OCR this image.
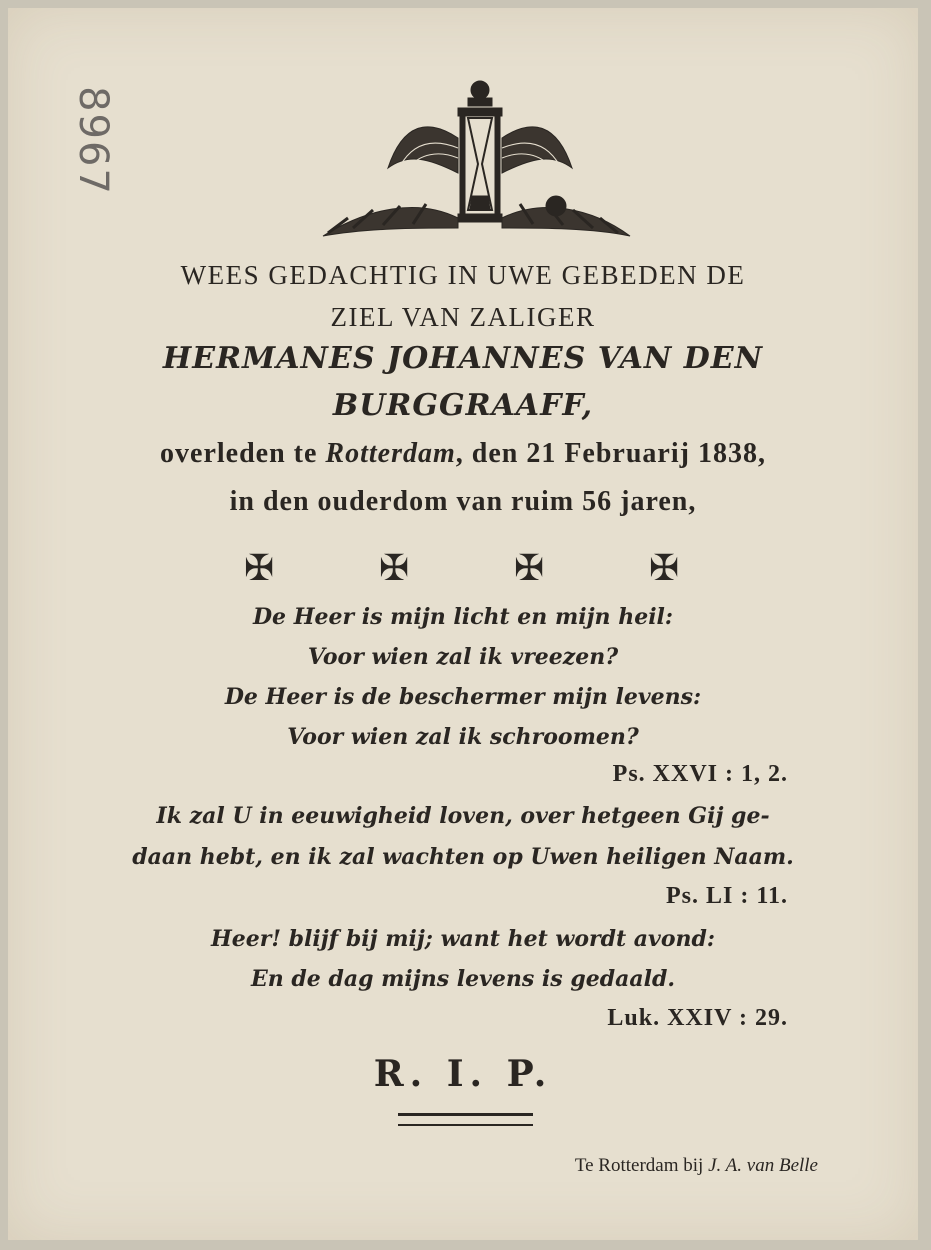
8967
WEES GEDACHTIG IN UWE GEBEDEN DE
ZIEL VAN ZALIGER
HERMANES JOHANNES VAN DEN
BURGGRAAFF,
overleden te Rotterdam, den 21 Februarij 1838,
in den ouderdom van ruim 56 jaren,
✠	✠	✠	✠
De Heer is mijn licht en mijn heil:
Voor wien zal ik vreezen?
De Heer is de beschermer mijn levens:
Voor wien zal ik schroomen?
Ps. XXVI : 1, 2.
Ik zal U in eeuwigheid loven, over hetgeen Gij ge-
daan hebt, en ik zal wachten op Uwen heiligen Naam.
Ps. LI : 11.
Heer! blijf bij mij; want het wordt avond:
En de dag mijns levens is gedaald.
Luk. XXIV : 29.
R. I. P.
Te Rotterdam bij J. A. van Belle
